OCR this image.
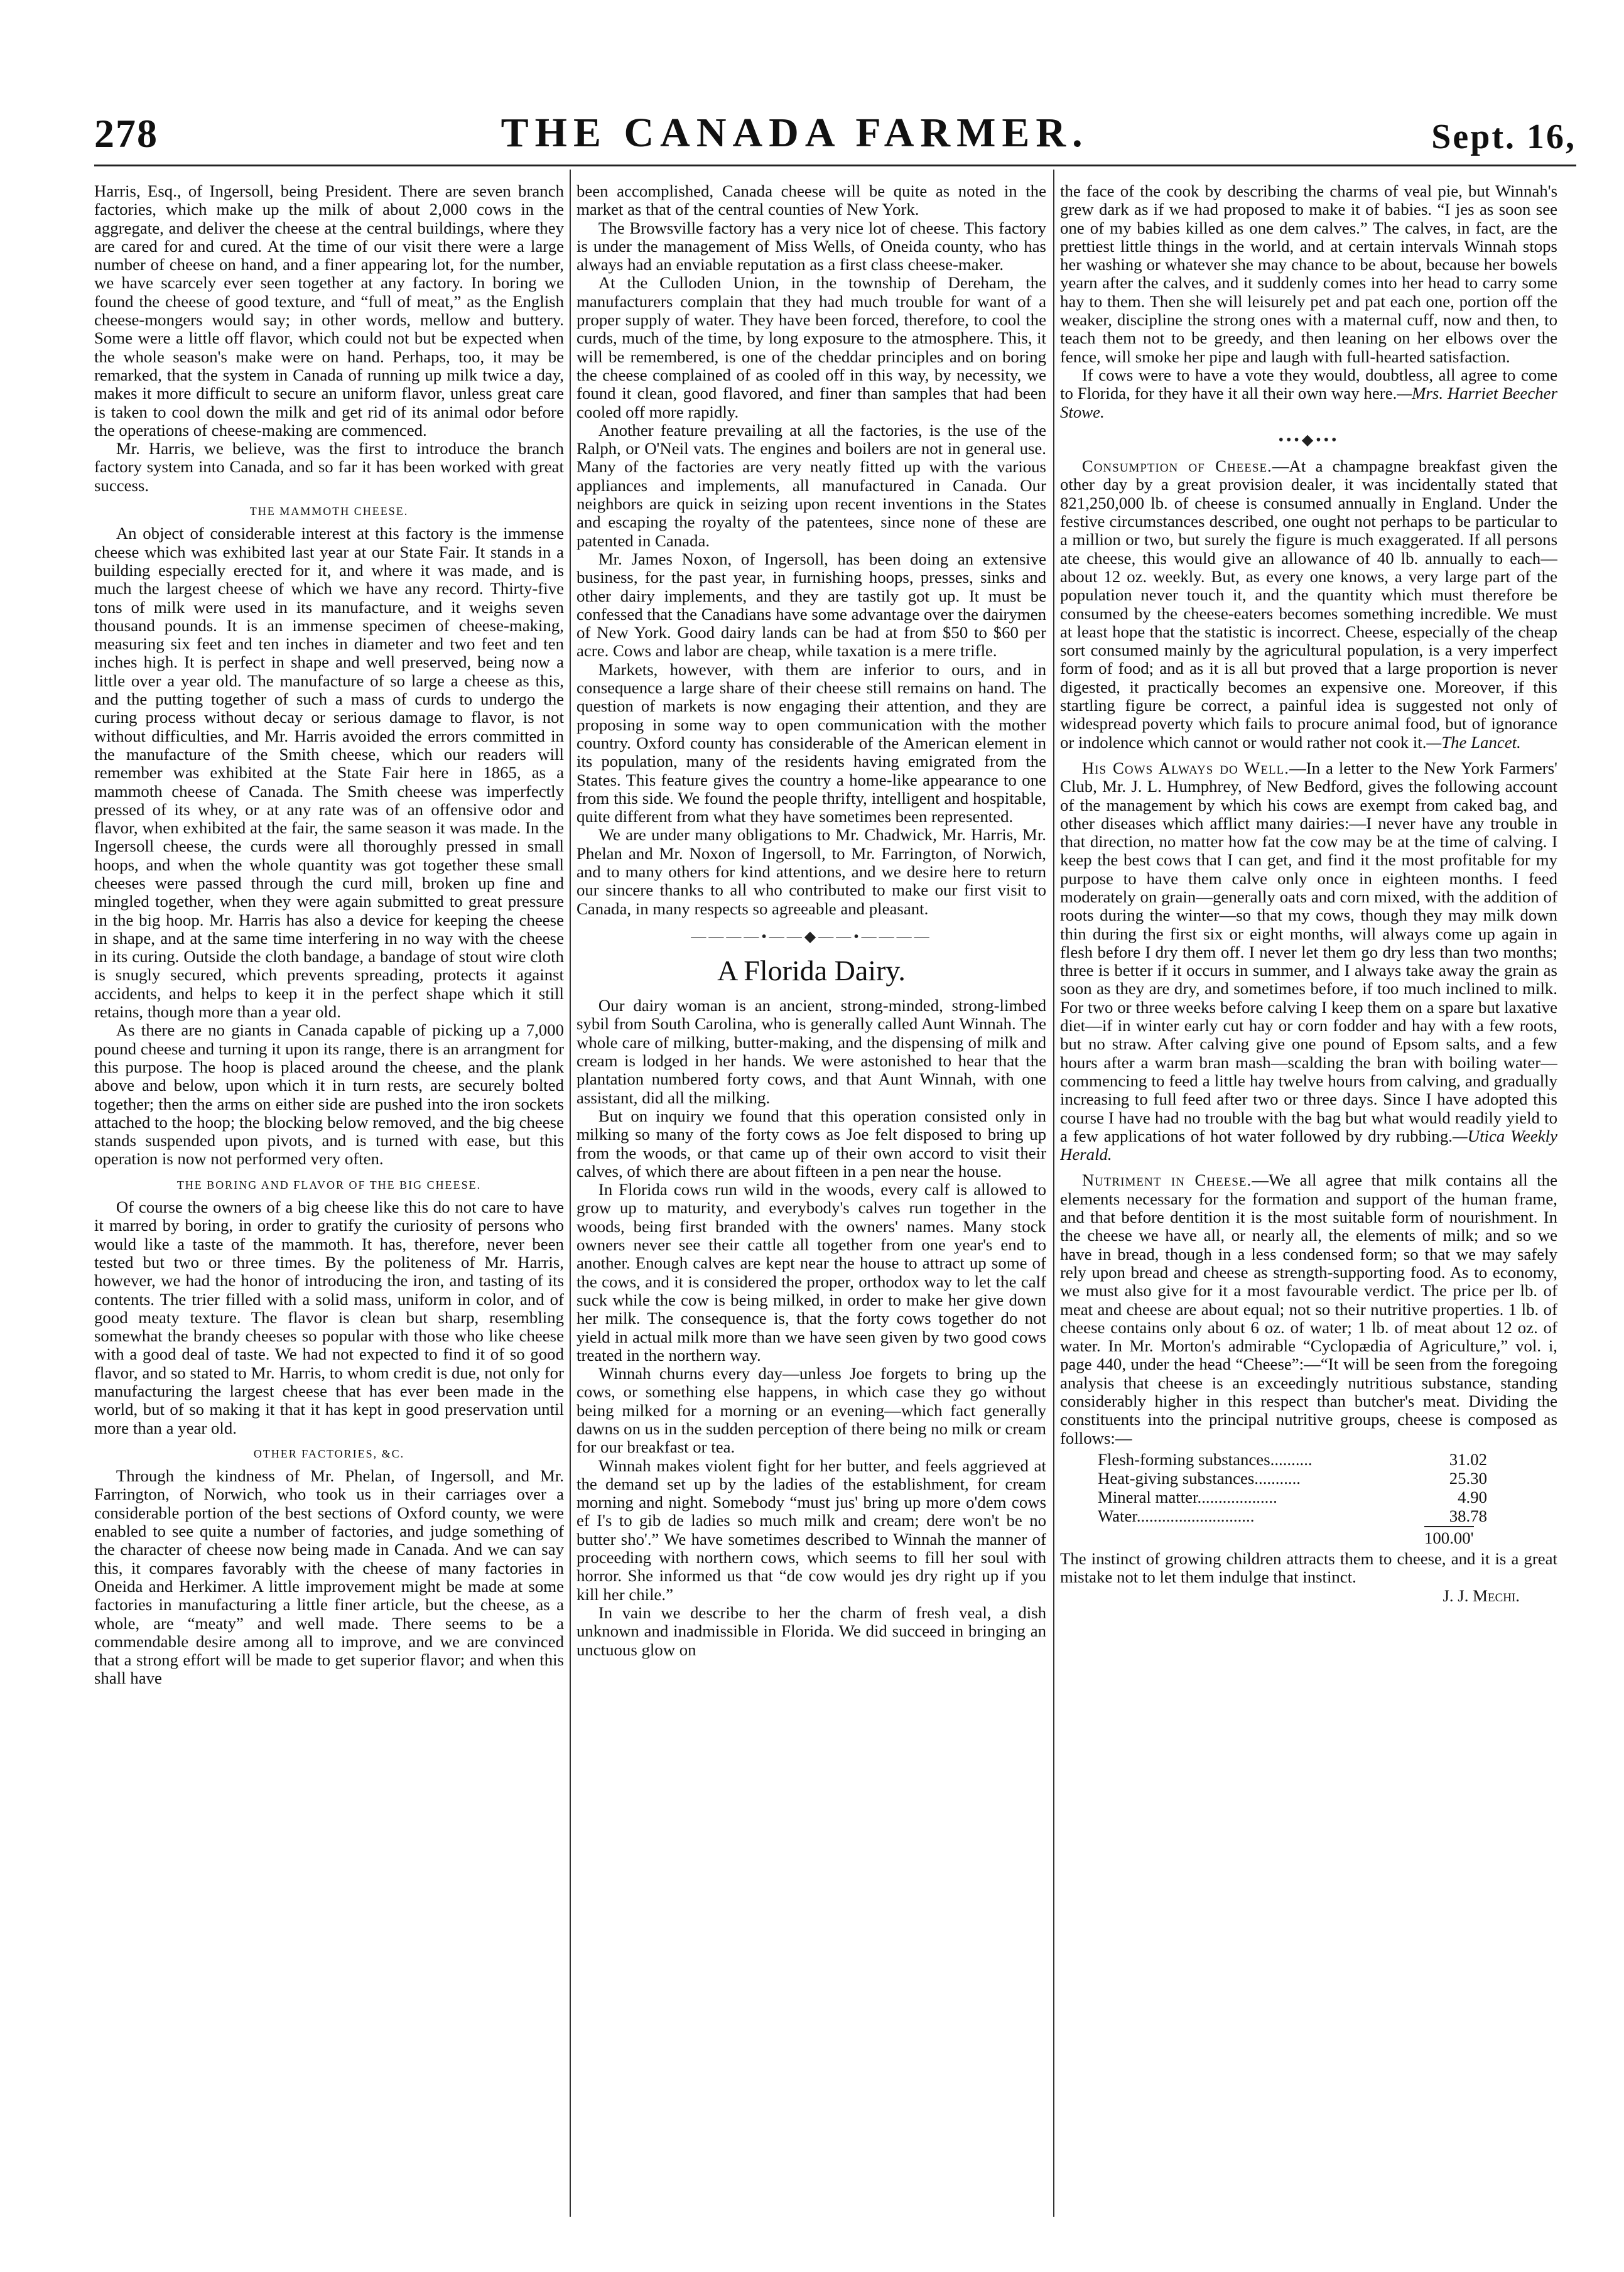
278	THE CANADA FARMER.	Sept. 16,

Harris, Esq., of Ingersoll, being President. There are seven branch factories, which make up the milk of about 2,000 cows in the aggregate, and deliver the cheese at the central buildings, where they are cared for and cured. At the time of our visit there were a large number of cheese on hand, and a finer appearing lot, for the number, we have scarcely ever seen together at any factory. In boring we found the cheese of good texture, and “full of meat,” as the English cheese-mongers would say; in other words, mellow and buttery. Some were a little off flavor, which could not but be expected when the whole season's make were on hand. Perhaps, too, it may be remarked, that the system in Canada of running up milk twice a day, makes it more difficult to secure an uniform flavor, unless great care is taken to cool down the milk and get rid of its animal odor before the operations of cheese-making are commenced.

Mr. Harris, we believe, was the first to introduce the branch factory system into Canada, and so far it has been worked with great success.

THE MAMMOTH CHEESE.

An object of considerable interest at this factory is the immense cheese which was exhibited last year at our State Fair. It stands in a building especially erected for it, and where it was made, and is much the largest cheese of which we have any record. Thirty-five tons of milk were used in its manufacture, and it weighs seven thousand pounds. It is an immense specimen of cheese-making, measuring six feet and ten inches in diameter and two feet and ten inches high. It is perfect in shape and well preserved, being now a little over a year old. The manufacture of so large a cheese as this, and the putting together of such a mass of curds to undergo the curing process without decay or serious damage to flavor, is not without difficulties, and Mr. Harris avoided the errors committed in the manufacture of the Smith cheese, which our readers will remember was exhibited at the State Fair here in 1865, as a mammoth cheese of Canada. The Smith cheese was imperfectly pressed of its whey, or at any rate was of an offensive odor and flavor, when exhibited at the fair, the same season it was made. In the Ingersoll cheese, the curds were all thoroughly pressed in small hoops, and when the whole quantity was got together these small cheeses were passed through the curd mill, broken up fine and mingled together, when they were again submitted to great pressure in the big hoop. Mr. Harris has also a device for keeping the cheese in shape, and at the same time interfering in no way with the cheese in its curing. Outside the cloth bandage, a bandage of stout wire cloth is snugly secured, which prevents spreading, protects it against accidents, and helps to keep it in the perfect shape which it still retains, though more than a year old.

As there are no giants in Canada capable of picking up a 7,000 pound cheese and turning it upon its range, there is an arrangment for this purpose. The hoop is placed around the cheese, and the plank above and below, upon which it in turn rests, are securely bolted together; then the arms on either side are pushed into the iron sockets attached to the hoop; the blocking below removed, and the big cheese stands suspended upon pivots, and is turned with ease, but this operation is now not performed very often.

THE BORING AND FLAVOR OF THE BIG CHEESE.

Of course the owners of a big cheese like this do not care to have it marred by boring, in order to gratify the curiosity of persons who would like a taste of the mammoth. It has, therefore, never been tested but two or three times. By the politeness of Mr. Harris, however, we had the honor of introducing the iron, and tasting of its contents. The trier filled with a solid mass, uniform in color, and of good meaty texture. The flavor is clean but sharp, resembling somewhat the brandy cheeses so popular with those who like cheese with a good deal of taste. We had not expected to find it of so good flavor, and so stated to Mr. Harris, to whom credit is due, not only for manufacturing the largest cheese that has ever been made in the world, but of so making it that it has kept in good preservation until more than a year old.

OTHER FACTORIES, &C.

Through the kindness of Mr. Phelan, of Ingersoll, and Mr. Farrington, of Norwich, who took us in their carriages over a considerable portion of the best sections of Oxford county, we were enabled to see quite a number of factories, and judge something of the character of cheese now being made in Canada. And we can say this, it compares favorably with the cheese of many factories in Oneida and Herkimer. A little improvement might be made at some factories in manufacturing a little finer article, but the cheese, as a whole, are “meaty” and well made. There seems to be a commendable desire among all to improve, and we are convinced that a strong effort will be made to get superior flavor; and when this shall have

been accomplished, Canada cheese will be quite as noted in the market as that of the central counties of New York.

The Browsville factory has a very nice lot of cheese. This factory is under the management of Miss Wells, of Oneida county, who has always had an enviable reputation as a first class cheese-maker.

At the Culloden Union, in the township of Dereham, the manufacturers complain that they had much trouble for want of a proper supply of water. They have been forced, therefore, to cool the curds, much of the time, by long exposure to the atmosphere. This, it will be remembered, is one of the cheddar principles and on boring the cheese complained of as cooled off in this way, by necessity, we found it clean, good flavored, and finer than samples that had been cooled off more rapidly.

Another feature prevailing at all the factories, is the use of the Ralph, or O'Neil vats. The engines and boilers are not in general use. Many of the factories are very neatly fitted up with the various appliances and implements, all manufactured in Canada. Our neighbors are quick in seizing upon recent inventions in the States and escaping the royalty of the patentees, since none of these are patented in Canada.

Mr. James Noxon, of Ingersoll, has been doing an extensive business, for the past year, in furnishing hoops, presses, sinks and other dairy implements, and they are tastily got up. It must be confessed that the Canadians have some advantage over the dairymen of New York. Good dairy lands can be had at from $50 to $60 per acre. Cows and labor are cheap, while taxation is a mere trifle.

Markets, however, with them are inferior to ours, and in consequence a large share of their cheese still remains on hand. The question of markets is now engaging their attention, and they are proposing in some way to open communication with the mother country. Oxford county has considerable of the American element in its population, many of the residents having emigrated from the States. This feature gives the country a home-like appearance to one from this side. We found the people thrifty, intelligent and hospitable, quite different from what they have sometimes been represented.

We are under many obligations to Mr. Chadwick, Mr. Harris, Mr. Phelan and Mr. Noxon of Ingersoll, to Mr. Farrington, of Norwich, and to many others for kind attentions, and we desire here to return our sincere thanks to all who contributed to make our first visit to Canada, in many respects so agreeable and pleasant.

————•——◆——•————
A Florida Dairy.

Our dairy woman is an ancient, strong-minded, strong-limbed sybil from South Carolina, who is generally called Aunt Winnah. The whole care of milking, butter-making, and the dispensing of milk and cream is lodged in her hands. We were astonished to hear that the plantation numbered forty cows, and that Aunt Winnah, with one assistant, did all the milking.

But on inquiry we found that this operation consisted only in milking so many of the forty cows as Joe felt disposed to bring up from the woods, or that came up of their own accord to visit their calves, of which there are about fifteen in a pen near the house.

In Florida cows run wild in the woods, every calf is allowed to grow up to maturity, and everybody's calves run together in the woods, being first branded with the owners' names. Many stock owners never see their cattle all together from one year's end to another. Enough calves are kept near the house to attract up some of the cows, and it is considered the proper, orthodox way to let the calf suck while the cow is being milked, in order to make her give down her milk. The consequence is, that the forty cows together do not yield in actual milk more than we have seen given by two good cows treated in the northern way.

Winnah churns every day—unless Joe forgets to bring up the cows, or something else happens, in which case they go without being milked for a morning or an evening—which fact generally dawns on us in the sudden perception of there being no milk or cream for our breakfast or tea.

Winnah makes violent fight for her butter, and feels aggrieved at the demand set up by the ladies of the establishment, for cream morning and night. Somebody “must jus' bring up more o'dem cows ef I's to gib de ladies so much milk and cream; dere won't be no butter sho'.” We have sometimes described to Winnah the manner of proceeding with northern cows, which seems to fill her soul with horror. She informed us that “de cow would jes dry right up if you kill her chile.”

In vain we describe to her the charm of fresh veal, a dish unknown and inadmissible in Florida. We did succeed in bringing an unctuous glow on

the face of the cook by describing the charms of veal pie, but Winnah's grew dark as if we had proposed to make it of babies. “I jes as soon see one of my babies killed as one dem calves.” The calves, in fact, are the prettiest little things in the world, and at certain intervals Winnah stops her washing or whatever she may chance to be about, because her bowels yearn after the calves, and it suddenly comes into her head to carry some hay to them. Then she will leisurely pet and pat each one, portion off the weaker, discipline the strong ones with a maternal cuff, now and then, to teach them not to be greedy, and then leaning on her elbows over the fence, will smoke her pipe and laugh with full-hearted satisfaction.

If cows were to have a vote they would, doubtless, all agree to come to Florida, for they have it all their own way here.—Mrs. Harriet Beecher Stowe.

•••◆•••

Consumption of Cheese.—At a champagne breakfast given the other day by a great provision dealer, it was incidentally stated that 821,250,000 lb. of cheese is consumed annually in England. Under the festive circumstances described, one ought not perhaps to be particular to a million or two, but surely the figure is much exaggerated. If all persons ate cheese, this would give an allowance of 40 lb. annually to each—about 12 oz. weekly. But, as every one knows, a very large part of the population never touch it, and the quantity which must therefore be consumed by the cheese-eaters becomes something incredible. We must at least hope that the statistic is incorrect. Cheese, especially of the cheap sort consumed mainly by the agricultural population, is a very imperfect form of food; and as it is all but proved that a large proportion is never digested, it practically becomes an expensive one. Moreover, if this startling figure be correct, a painful idea is suggested not only of widespread poverty which fails to procure animal food, but of ignorance or indolence which cannot or would rather not cook it.—The Lancet.

His Cows Always do Well.—In a letter to the New York Farmers' Club, Mr. J. L. Humphrey, of New Bedford, gives the following account of the management by which his cows are exempt from caked bag, and other diseases which afflict many dairies:—I never have any trouble in that direction, no matter how fat the cow may be at the time of calving. I keep the best cows that I can get, and find it the most profitable for my purpose to have them calve only once in eighteen months. I feed moderately on grain—generally oats and corn mixed, with the addition of roots during the winter—so that my cows, though they may milk down thin during the first six or eight months, will always come up again in flesh before I dry them off. I never let them go dry less than two months; three is better if it occurs in summer, and I always take away the grain as soon as they are dry, and sometimes before, if too much inclined to milk. For two or three weeks before calving I keep them on a spare but laxative diet—if in winter early cut hay or corn fodder and hay with a few roots, but no straw. After calving give one pound of Epsom salts, and a few hours after a warm bran mash—scalding the bran with boiling water—commencing to feed a little hay twelve hours from calving, and gradually increasing to full feed after two or three days. Since I have adopted this course I have had no trouble with the bag but what would readily yield to a few applications of hot water followed by dry rubbing.—Utica Weekly Herald.

Nutriment in Cheese.—We all agree that milk contains all the elements necessary for the formation and support of the human frame, and that before dentition it is the most suitable form of nourishment. In the cheese we have all, or nearly all, the elements of milk; and so we have in bread, though in a less condensed form; so that we may safely rely upon bread and cheese as strength-supporting food. As to economy, we must also give for it a most favourable verdict. The price per lb. of meat and cheese are about equal; not so their nutritive properties. 1 lb. of cheese contains only about 6 oz. of water; 1 lb. of meat about 12 oz. of water. In Mr. Morton's admirable “Cyclopædia of Agriculture,” vol. i, page 440, under the head “Cheese”:—“It will be seen from the foregoing analysis that cheese is an exceedingly nutritious substance, standing considerably higher in this respect than butcher's meat. Dividing the constituents into the principal nutritive groups, cheese is composed as follows:—

Flesh-forming substances..........	31.02
Heat-giving substances...........	25.30
Mineral matter...................	4.90
Water............................	38.78
100.00'

The instinct of growing children attracts them to cheese, and it is a great mistake not to let them indulge that instinct.

J. J. Mechi.
